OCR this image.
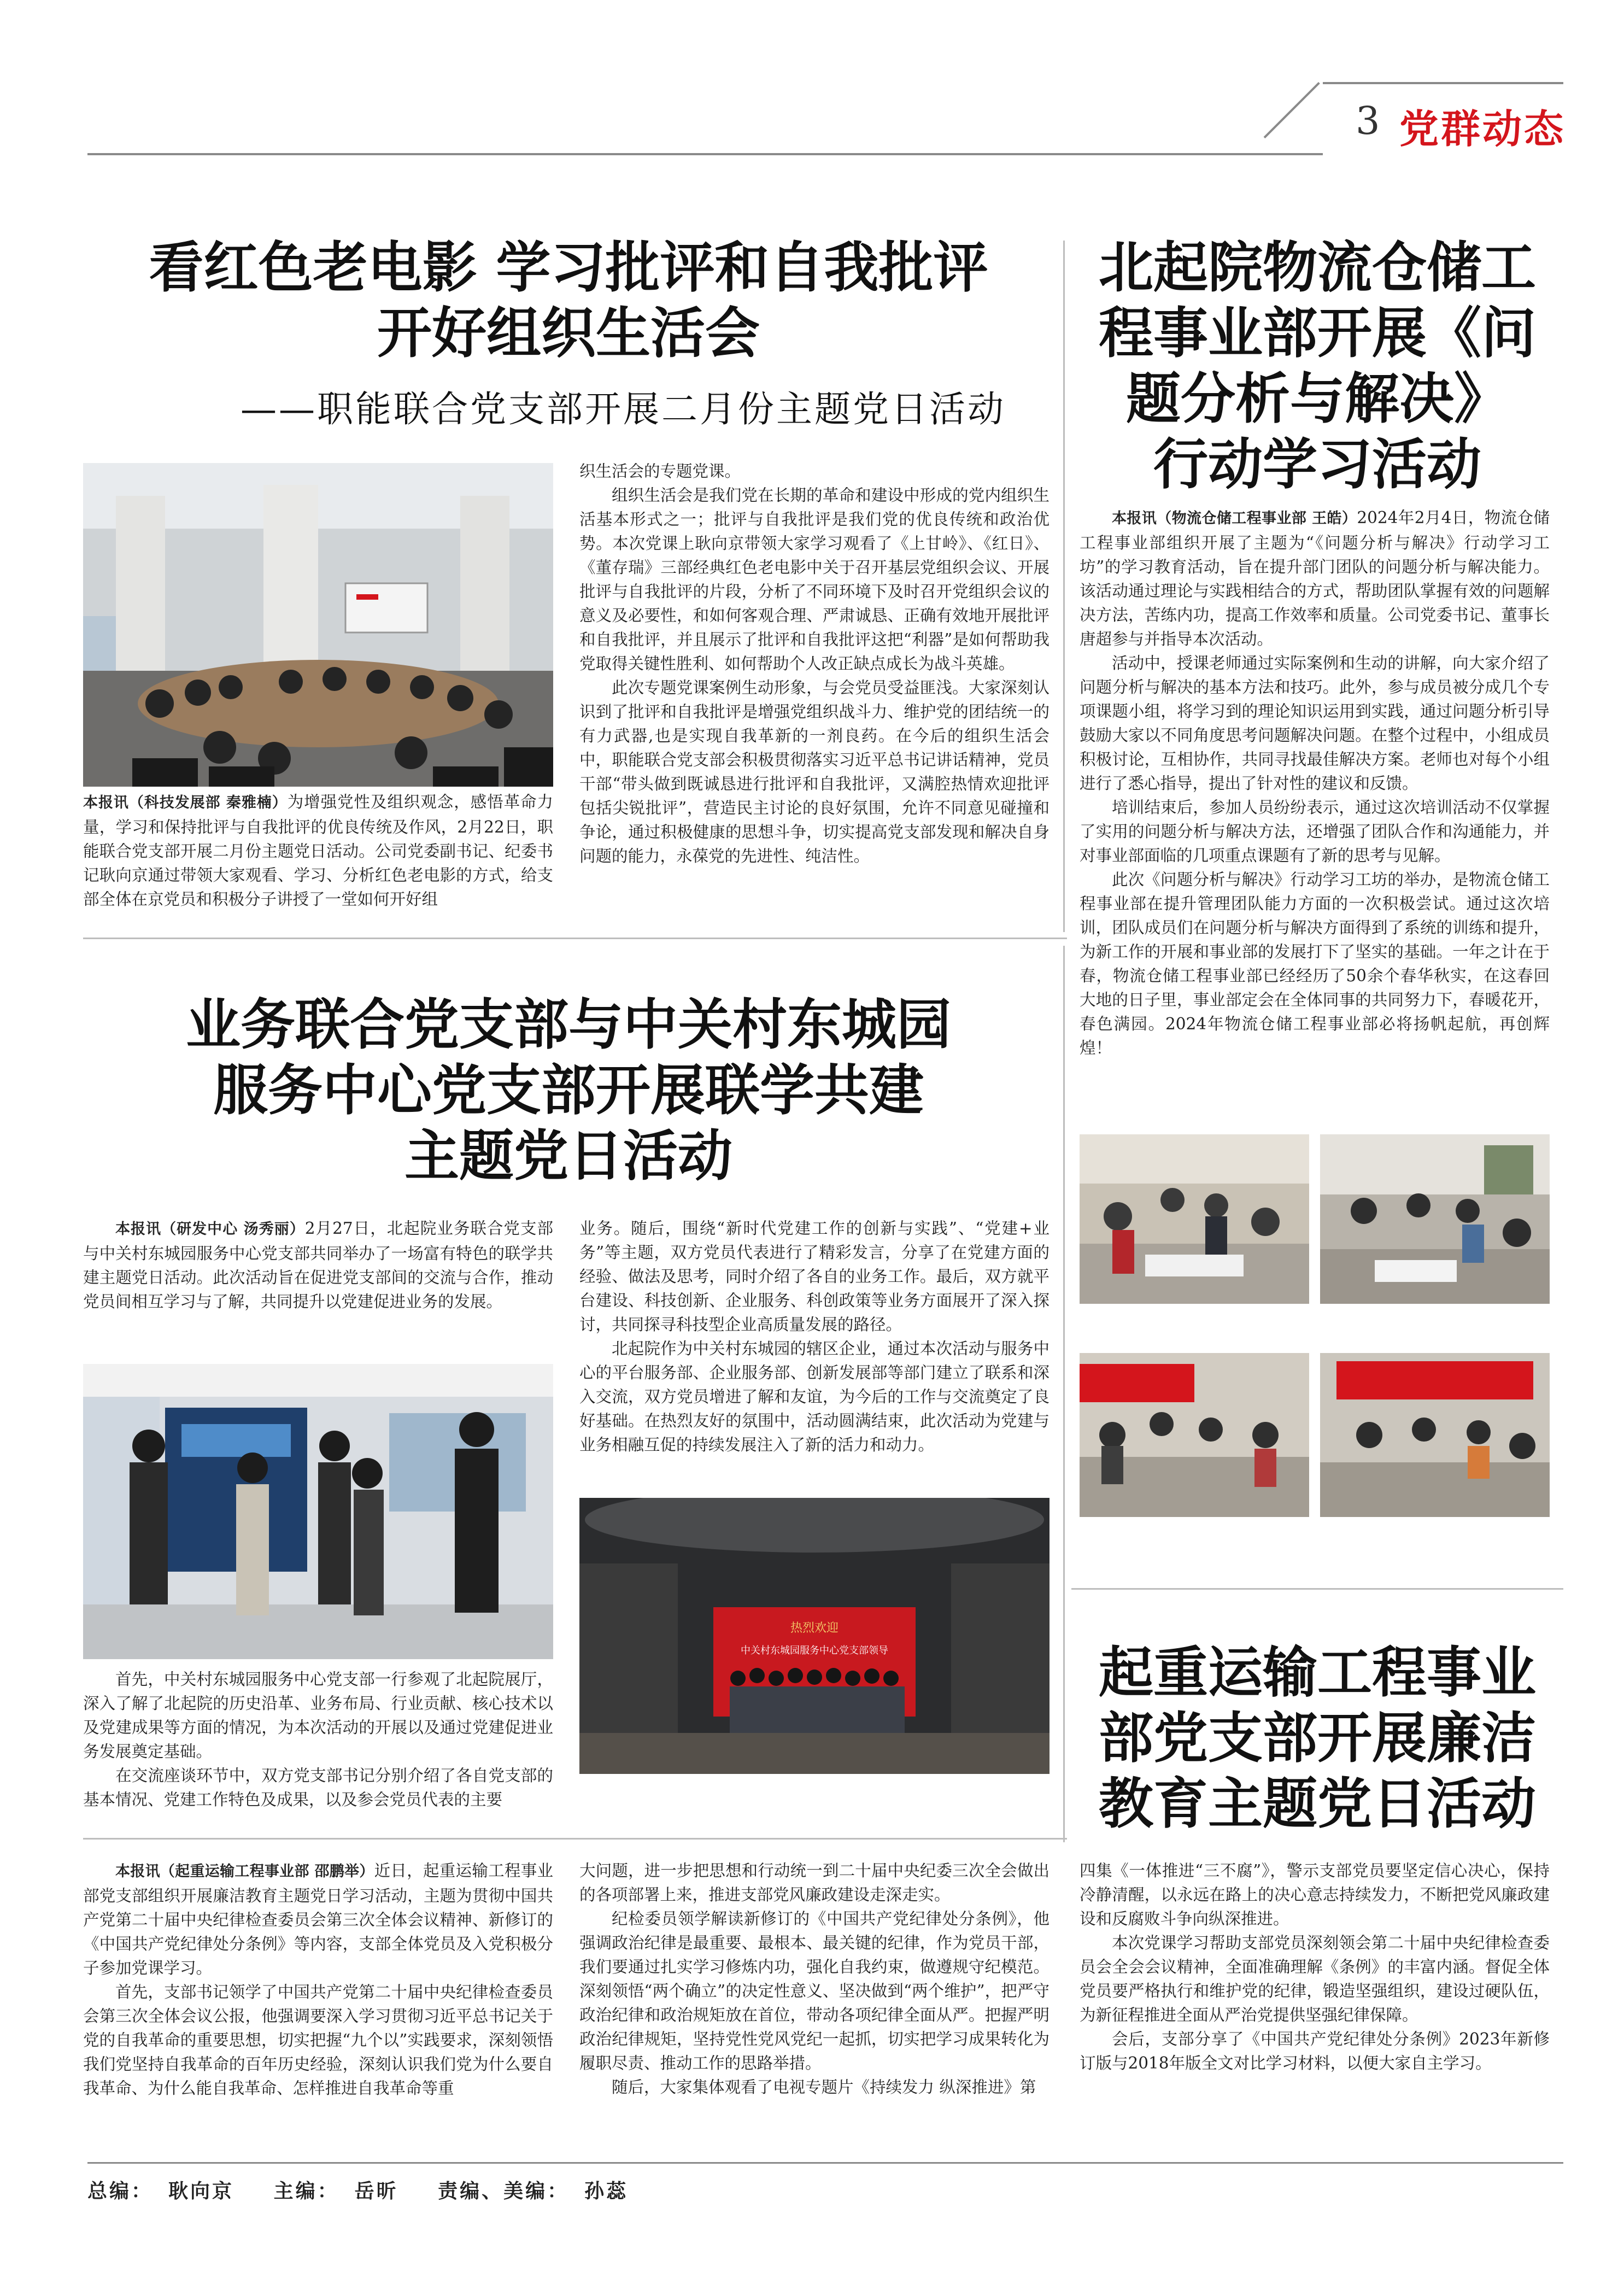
3 党群动态
看红色老电影 学习批评和自我批评
开好组织生活会
——职能联合党支部开展二月份主题党日活动

本报讯（科技发展部 秦雅楠）为增强党性及组织观念，感悟革命力量，学习和保持批评与自我批评的优良传统及作风，2月22日，职能联合党支部开展二月份主题党日活动。公司党委副书记、纪委书记耿向京通过带领大家观看、学习、分析红色老电影的方式，给支部全体在京党员和积极分子讲授了一堂如何开好组

织生活会的专题党课。

组织生活会是我们党在长期的革命和建设中形成的党内组织生活基本形式之一；批评与自我批评是我们党的优良传统和政治优势。本次党课上耿向京带领大家学习观看了《上甘岭》、《红日》、《董存瑞》三部经典红色老电影中关于召开基层党组织会议、开展批评与自我批评的片段，分析了不同环境下及时召开党组织会议的意义及必要性，和如何客观合理、严肃诚恳、正确有效地开展批评和自我批评，并且展示了批评和自我批评这把“利器”是如何帮助我党取得关键性胜利、如何帮助个人改正缺点成长为战斗英雄。

此次专题党课案例生动形象，与会党员受益匪浅。大家深刻认识到了批评和自我批评是增强党组织战斗力、维护党的团结统一的有力武器,也是实现自我革新的一剂良药。在今后的组织生活会中，职能联合党支部会积极贯彻落实习近平总书记讲话精神，党员干部“带头做到既诚恳进行批评和自我批评，又满腔热情欢迎批评包括尖锐批评”，营造民主讨论的良好氛围，允许不同意见碰撞和争论，通过积极健康的思想斗争，切实提高党支部发现和解决自身问题的能力，永葆党的先进性、纯洁性。

北起院物流仓储工
程事业部开展《问
题分析与解决》
行动学习活动

本报讯（物流仓储工程事业部 王皓）2024年2月4日，物流仓储工程事业部组织开展了主题为“《问题分析与解决》行动学习工坊”的学习教育活动，旨在提升部门团队的问题分析与解决能力。该活动通过理论与实践相结合的方式，帮助团队掌握有效的问题解决方法，苦练内功，提高工作效率和质量。公司党委书记、董事长唐超参与并指导本次活动。

活动中，授课老师通过实际案例和生动的讲解，向大家介绍了问题分析与解决的基本方法和技巧。此外，参与成员被分成几个专项课题小组，将学习到的理论知识运用到实践，通过问题分析引导鼓励大家以不同角度思考问题解决问题。在整个过程中，小组成员积极讨论，互相协作，共同寻找最佳解决方案。老师也对每个小组进行了悉心指导，提出了针对性的建议和反馈。

培训结束后，参加人员纷纷表示，通过这次培训活动不仅掌握了实用的问题分析与解决方法，还增强了团队合作和沟通能力，并对事业部面临的几项重点课题有了新的思考与见解。

此次《问题分析与解决》行动学习工坊的举办，是物流仓储工程事业部在提升管理团队能力方面的一次积极尝试。通过这次培训，团队成员们在问题分析与解决方面得到了系统的训练和提升，为新工作的开展和事业部的发展打下了坚实的基础。一年之计在于春，物流仓储工程事业部已经经历了50余个春华秋实，在这春回大地的日子里，事业部定会在全体同事的共同努力下，春暖花开，春色满园。2024年物流仓储工程事业部必将扬帆起航，再创辉煌！

业务联合党支部与中关村东城园
服务中心党支部开展联学共建
主题党日活动

本报讯（研发中心 汤秀丽）2月27日，北起院业务联合党支部与中关村东城园服务中心党支部共同举办了一场富有特色的联学共建主题党日活动。此次活动旨在促进党支部间的交流与合作，推动党员间相互学习与了解，共同提升以党建促进业务的发展。

首先，中关村东城园服务中心党支部一行参观了北起院展厅，深入了解了北起院的历史沿革、业务布局、行业贡献、核心技术以及党建成果等方面的情况，为本次活动的开展以及通过党建促进业务发展奠定基础。

在交流座谈环节中，双方党支部书记分别介绍了各自党支部的基本情况、党建工作特色及成果，以及参会党员代表的主要

业务。随后，围绕“新时代党建工作的创新与实践”、“党建+业务”等主题，双方党员代表进行了精彩发言，分享了在党建方面的经验、做法及思考，同时介绍了各自的业务工作。最后，双方就平台建设、科技创新、企业服务、科创政策等业务方面展开了深入探讨，共同探寻科技型企业高质量发展的路径。

北起院作为中关村东城园的辖区企业，通过本次活动与服务中心的平台服务部、企业服务部、创新发展部等部门建立了联系和深入交流，双方党员增进了解和友谊，为今后的工作与交流奠定了良好基础。在热烈友好的氛围中，活动圆满结束，此次活动为党建与业务相融互促的持续发展注入了新的活力和动力。

热烈欢迎
中关村东城园服务中心党支部领导	起重运输工程事业
部党支部开展廉洁
教育主题党日活动

本报讯（起重运输工程事业部 邵鹏举）近日，起重运输工程事业部党支部组织开展廉洁教育主题党日学习活动，主题为贯彻中国共产党第二十届中央纪律检查委员会第三次全体会议精神、新修订的《中国共产党纪律处分条例》等内容，支部全体党员及入党积极分子参加党课学习。

首先，支部书记领学了中国共产党第二十届中央纪律检查委员会第三次全体会议公报，他强调要深入学习贯彻习近平总书记关于党的自我革命的重要思想，切实把握“九个以”实践要求，深刻领悟我们党坚持自我革命的百年历史经验，深刻认识我们党为什么要自我革命、为什么能自我革命、怎样推进自我革命等重

大问题，进一步把思想和行动统一到二十届中央纪委三次全会做出的各项部署上来，推进支部党风廉政建设走深走实。

纪检委员领学解读新修订的《中国共产党纪律处分条例》，他强调政治纪律是最重要、最根本、最关键的纪律，作为党员干部，我们要通过扎实学习修炼内功，强化自我约束，做遵规守纪模范。深刻领悟“两个确立”的决定性意义、坚决做到“两个维护”，把严守政治纪律和政治规矩放在首位，带动各项纪律全面从严。把握严明政治纪律规矩，坚持党性党风党纪一起抓，切实把学习成果转化为履职尽责、推动工作的思路举措。

随后，大家集体观看了电视专题片《持续发力 纵深推进》第

四集《一体推进“三不腐”》，警示支部党员要坚定信心决心，保持冷静清醒，以永远在路上的决心意志持续发力，不断把党风廉政建设和反腐败斗争向纵深推进。

本次党课学习帮助支部党员深刻领会第二十届中央纪律检查委员会全会会议精神，全面准确理解《条例》的丰富内涵。督促全体党员要严格执行和维护党的纪律，锻造坚强组织，建设过硬队伍，为新征程推进全面从严治党提供坚强纪律保障。

会后，支部分享了《中国共产党纪律处分条例》2023年新修订版与2018年版全文对比学习材料，以便大家自主学习。

总编： 耿向京 主编： 岳昕 责编、美编： 孙蕊
